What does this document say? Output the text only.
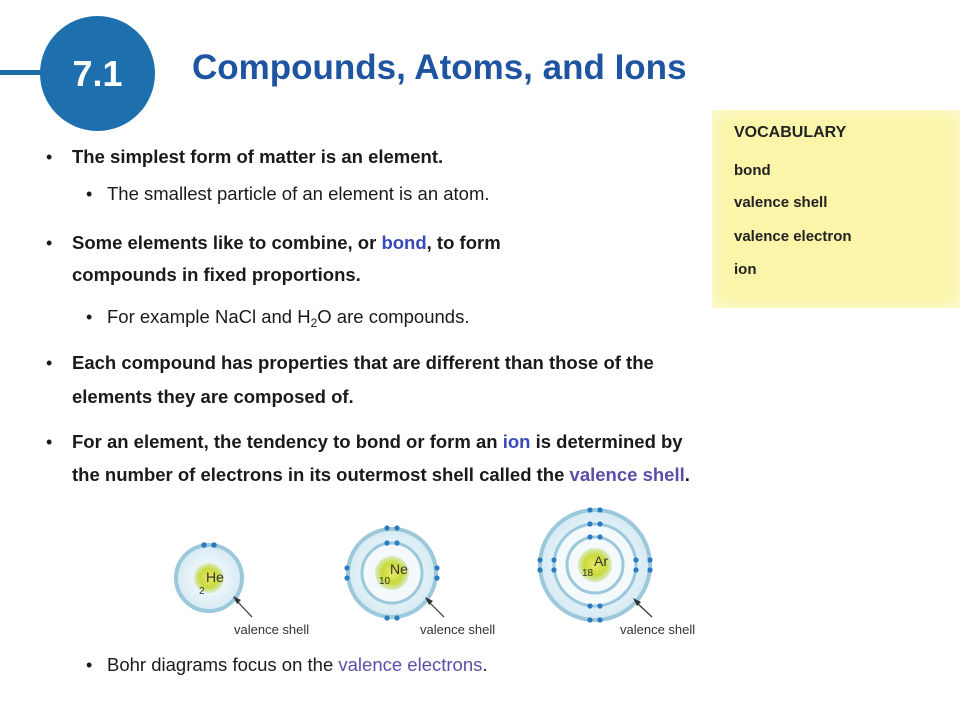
7.1 Compounds, Atoms, and Ions
VOCABULARY
bond
valence shell
valence electron
ion
• The simplest form of matter is an element.
• The smallest particle of an element is an atom.
• Some elements like to combine, or bond, to form
compounds in fixed proportions.
• For example NaCl and $H_2O$ are compounds.
• Each compound has properties that are different than those of the
elements they are composed of.
• For an element, the tendency to bond or form an ion is determined by
the number of electrons in its outermost shell called the valence shell.
He
2
Ne
10
Ar
18
valence shell	valence shell	valence shell
• Bohr diagrams focus on the valence electrons.
